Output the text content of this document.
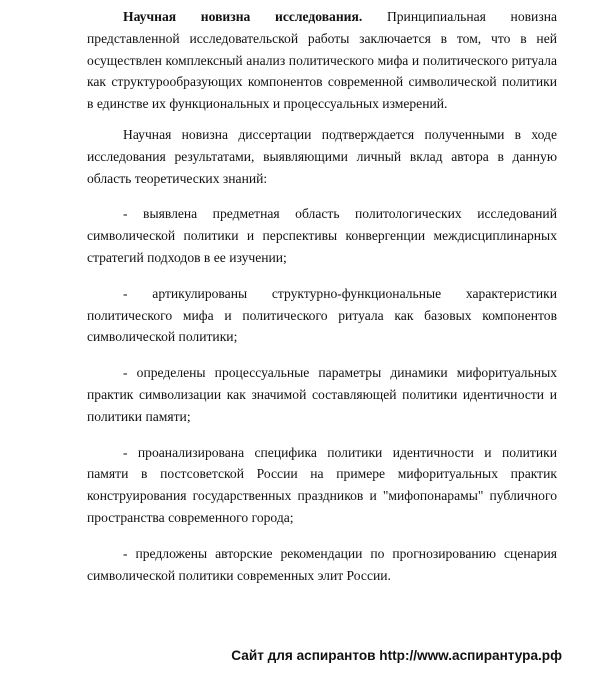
Научная новизна исследования. Принципиальная новизна представленной исследовательской работы заключается в том, что в ней осуществлен комплексный анализ политического мифа и политического ритуала как структурообразующих компонентов современной символической политики в единстве их функциональных и процессуальных измерений.

Научная новизна диссертации подтверждается полученными в ходе исследования результатами, выявляющими личный вклад автора в данную область теоретических знаний:

- выявлена предметная область политологических исследований символической политики и перспективы конвергенции междисциплинарных стратегий подходов в ее изучении;

- артикулированы структурно-функциональные характеристики политического мифа и политического ритуала как базовых компонентов символической политики;

- определены процессуальные параметры динамики мифоритуальных практик символизации как значимой составляющей политики идентичности и политики памяти;

- проанализирована специфика политики идентичности и политики памяти в постсоветской России на примере мифоритуальных практик конструирования государственных праздников и "мифопонарамы" публичного пространства современного города;

- предложены авторские рекомендации по прогнозированию сценария символической политики современных элит России.

Сайт для аспирантов http://www.аспирантура.рф
